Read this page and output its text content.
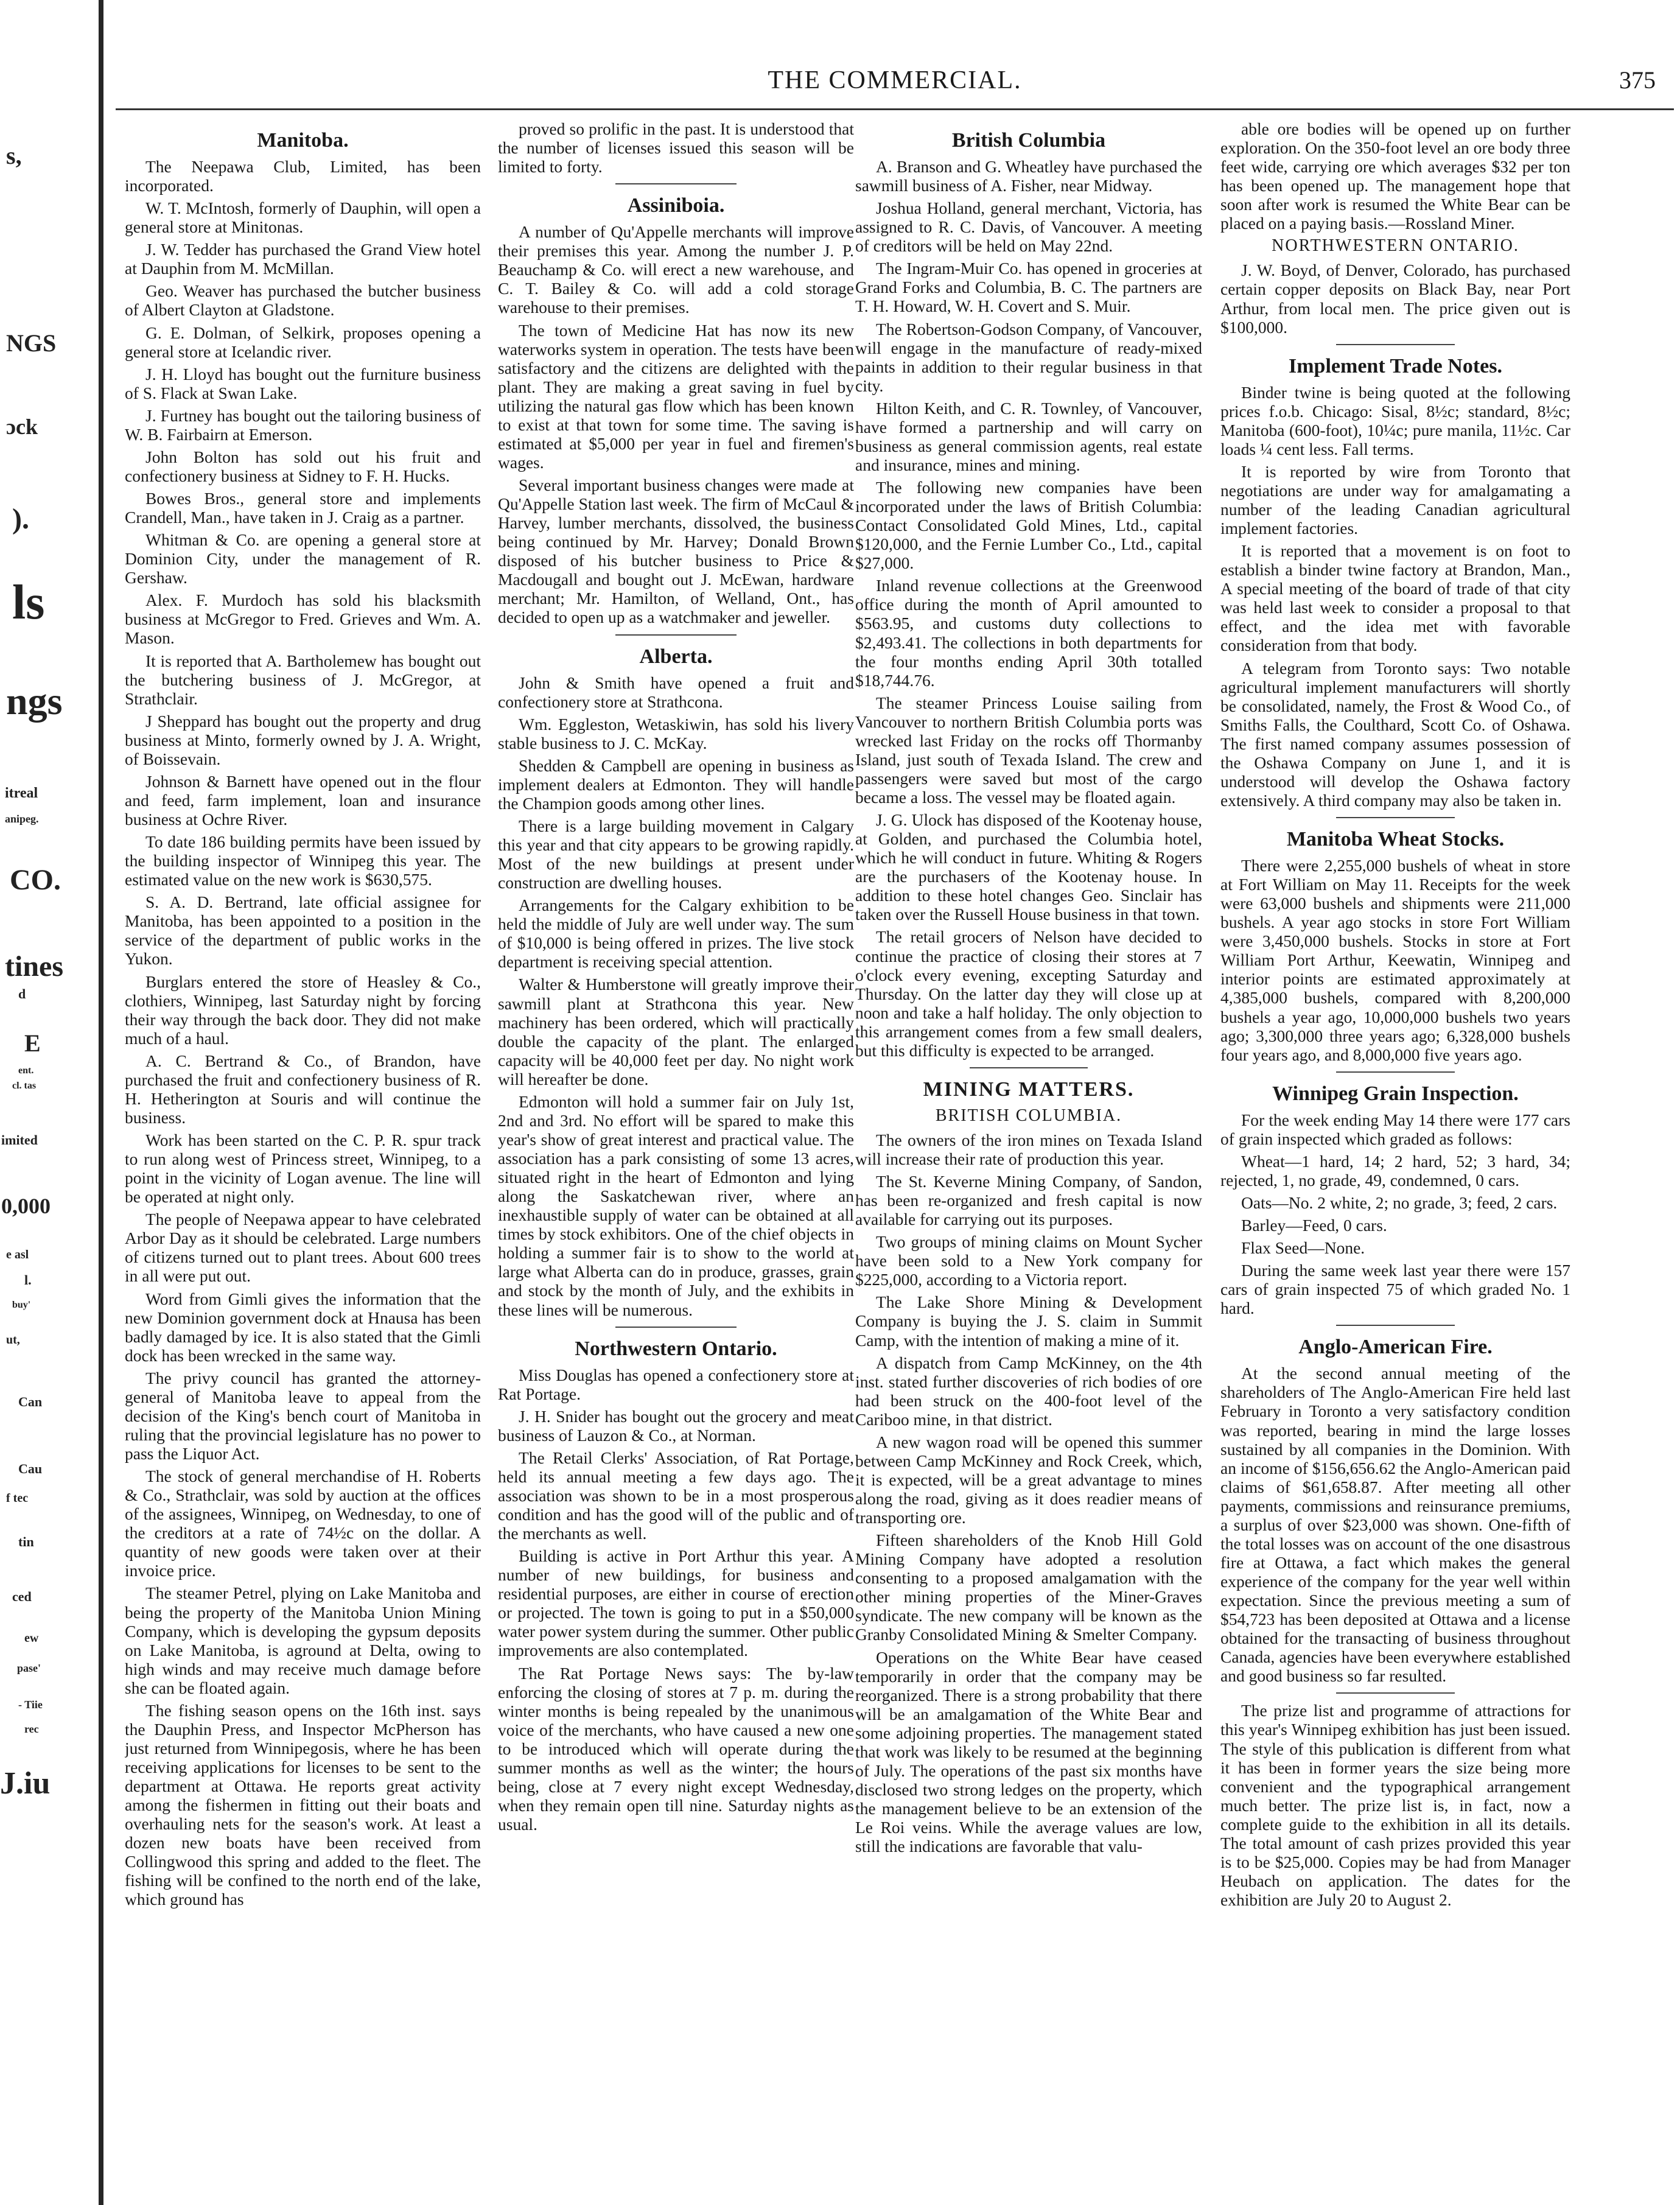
s,
NGS
ɔck
).
ls
ngs
itreal
anipeg.
CO.
tines
d
E
ent.
cl. tas
imited
0,000
e asl
l.
buy'
ut,
Can
Cau
f tec
tin
ced
ew
pase'
- Tiie
rec
J.iu
THE COMMERCIAL.	375
Manitoba.

The Neepawa Club, Limited, has been incorporated.

W. T. McIntosh, formerly of Dauphin, will open a general store at Minitonas.

J. W. Tedder has purchased the Grand View hotel at Dauphin from M. McMillan.

Geo. Weaver has purchased the butcher business of Albert Clayton at Gladstone.

G. E. Dolman, of Selkirk, proposes opening a general store at Icelandic river.

J. H. Lloyd has bought out the furniture business of S. Flack at Swan Lake.

J. Furtney has bought out the tailoring business of W. B. Fairbairn at Emerson.

John Bolton has sold out his fruit and confectionery business at Sidney to F. H. Hucks.

Bowes Bros., general store and implements Crandell, Man., have taken in J. Craig as a partner.

Whitman & Co. are opening a general store at Dominion City, under the management of R. Gershaw.

Alex. F. Murdoch has sold his blacksmith business at McGregor to Fred. Grieves and Wm. A. Mason.

It is reported that A. Bartholemew has bought out the butchering business of J. McGregor, at Strathclair.

J Sheppard has bought out the property and drug business at Minto, formerly owned by J. A. Wright, of Boissevain.

Johnson & Barnett have opened out in the flour and feed, farm implement, loan and insurance business at Ochre River.

To date 186 building permits have been issued by the building inspector of Winnipeg this year. The estimated value on the new work is $630,575.

S. A. D. Bertrand, late official assignee for Manitoba, has been appointed to a position in the service of the department of public works in the Yukon.

Burglars entered the store of Heasley & Co., clothiers, Winnipeg, last Saturday night by forcing their way through the back door. They did not make much of a haul.

A. C. Bertrand & Co., of Brandon, have purchased the fruit and confectionery business of R. H. Hetherington at Souris and will continue the business.

Work has been started on the C. P. R. spur track to run along west of Princess street, Winnipeg, to a point in the vicinity of Logan avenue. The line will be operated at night only.

The people of Neepawa appear to have celebrated Arbor Day as it should be celebrated. Large numbers of citizens turned out to plant trees. About 600 trees in all were put out.

Word from Gimli gives the information that the new Dominion government dock at Hnausa has been badly damaged by ice. It is also stated that the Gimli dock has been wrecked in the same way.

The privy council has granted the attorney-general of Manitoba leave to appeal from the decision of the King's bench court of Manitoba in ruling that the provincial legislature has no power to pass the Liquor Act.

The stock of general merchandise of H. Roberts & Co., Strathclair, was sold by auction at the offices of the assignees, Winnipeg, on Wednesday, to one of the creditors at a rate of 74½c on the dollar. A quantity of new goods were taken over at their invoice price.

The steamer Petrel, plying on Lake Manitoba and being the property of the Manitoba Union Mining Company, which is developing the gypsum deposits on Lake Manitoba, is aground at Delta, owing to high winds and may receive much damage before she can be floated again.

The fishing season opens on the 16th inst. says the Dauphin Press, and Inspector McPherson has just returned from Winnipegosis, where he has been receiving applications for licenses to be sent to the department at Ottawa. He reports great activity among the fishermen in fitting out their boats and overhauling nets for the season's work. At least a dozen new boats have been received from Collingwood this spring and added to the fleet. The fishing will be confined to the north end of the lake, which ground has

proved so prolific in the past. It is understood that the number of licenses issued this season will be limited to forty.

Assiniboia.

A number of Qu'Appelle merchants will improve their premises this year. Among the number J. P. Beauchamp & Co. will erect a new warehouse, and C. T. Bailey & Co. will add a cold storage warehouse to their premises.

The town of Medicine Hat has now its new waterworks system in operation. The tests have been satisfactory and the citizens are delighted with the plant. They are making a great saving in fuel by utilizing the natural gas flow which has been known to exist at that town for some time. The saving is estimated at $5,000 per year in fuel and firemen's wages.

Several important business changes were made at Qu'Appelle Station last week. The firm of McCaul & Harvey, lumber merchants, dissolved, the business being continued by Mr. Harvey; Donald Brown disposed of his butcher business to Price & Macdougall and bought out J. McEwan, hardware merchant; Mr. Hamilton, of Welland, Ont., has decided to open up as a watchmaker and jeweller.

Alberta.

John & Smith have opened a fruit and confectionery store at Strathcona.

Wm. Eggleston, Wetaskiwin, has sold his livery stable business to J. C. McKay.

Shedden & Campbell are opening in business as implement dealers at Edmonton. They will handle the Champion goods among other lines.

There is a large building movement in Calgary this year and that city appears to be growing rapidly. Most of the new buildings at present under construction are dwelling houses.

Arrangements for the Calgary exhibition to be held the middle of July are well under way. The sum of $10,000 is being offered in prizes. The live stock department is receiving special attention.

Walter & Humberstone will greatly improve their sawmill plant at Strathcona this year. New machinery has been ordered, which will practically double the capacity of the plant. The enlarged capacity will be 40,000 feet per day. No night work will hereafter be done.

Edmonton will hold a summer fair on July 1st, 2nd and 3rd. No effort will be spared to make this year's show of great interest and practical value. The association has a park consisting of some 13 acres, situated right in the heart of Edmonton and lying along the Saskatchewan river, where an inexhaustible supply of water can be obtained at all times by stock exhibitors. One of the chief objects in holding a summer fair is to show to the world at large what Alberta can do in produce, grasses, grain and stock by the month of July, and the exhibits in these lines will be numerous.

Northwestern Ontario.

Miss Douglas has opened a confectionery store at Rat Portage.

J. H. Snider has bought out the grocery and meat business of Lauzon & Co., at Norman.

The Retail Clerks' Association, of Rat Portage, held its annual meeting a few days ago. The association was shown to be in a most prosperous condition and has the good will of the public and of the merchants as well.

Building is active in Port Arthur this year. A number of new buildings, for business and residential purposes, are either in course of erection or projected. The town is going to put in a $50,000 water power system during the summer. Other public improvements are also contemplated.

The Rat Portage News says: The by-law enforcing the closing of stores at 7 p. m. during the winter months is being repealed by the unanimous voice of the merchants, who have caused a new one to be introduced which will operate during the summer months as well as the winter; the hours being, close at 7 every night except Wednesday, when they remain open till nine. Saturday nights as usual.

British Columbia

A. Branson and G. Wheatley have purchased the sawmill business of A. Fisher, near Midway.

Joshua Holland, general merchant, Victoria, has assigned to R. C. Davis, of Vancouver. A meeting of creditors will be held on May 22nd.

The Ingram-Muir Co. has opened in groceries at Grand Forks and Columbia, B. C. The partners are T. H. Howard, W. H. Covert and S. Muir.

The Robertson-Godson Company, of Vancouver, will engage in the manufacture of ready-mixed paints in addition to their regular business in that city.

Hilton Keith, and C. R. Townley, of Vancouver, have formed a partnership and will carry on business as general commission agents, real estate and insurance, mines and mining.

The following new companies have been incorporated under the laws of British Columbia: Contact Consolidated Gold Mines, Ltd., capital $120,000, and the Fernie Lumber Co., Ltd., capital $27,000.

Inland revenue collections at the Greenwood office during the month of April amounted to $563.95, and customs duty collections to $2,493.41. The collections in both departments for the four months ending April 30th totalled $18,744.76.

The steamer Princess Louise sailing from Vancouver to northern British Columbia ports was wrecked last Friday on the rocks off Thormanby Island, just south of Texada Island. The crew and passengers were saved but most of the cargo became a loss. The vessel may be floated again.

J. G. Ulock has disposed of the Kootenay house, at Golden, and purchased the Columbia hotel, which he will conduct in future. Whiting & Rogers are the purchasers of the Kootenay house. In addition to these hotel changes Geo. Sinclair has taken over the Russell House business in that town.

The retail grocers of Nelson have decided to continue the practice of closing their stores at 7 o'clock every evening, excepting Saturday and Thursday. On the latter day they will close up at noon and take a half holiday. The only objection to this arrangement comes from a few small dealers, but this difficulty is expected to be arranged.

MINING MATTERS.
BRITISH COLUMBIA.

The owners of the iron mines on Texada Island will increase their rate of production this year.

The St. Keverne Mining Company, of Sandon, has been re-organized and fresh capital is now available for carrying out its purposes.

Two groups of mining claims on Mount Sycher have been sold to a New York company for $225,000, according to a Victoria report.

The Lake Shore Mining & Development Company is buying the J. S. claim in Summit Camp, with the intention of making a mine of it.

A dispatch from Camp McKinney, on the 4th inst. stated further discoveries of rich bodies of ore had been struck on the 400-foot level of the Cariboo mine, in that district.

A new wagon road will be opened this summer between Camp McKinney and Rock Creek, which, it is expected, will be a great advantage to mines along the road, giving as it does readier means of transporting ore.

Fifteen shareholders of the Knob Hill Gold Mining Company have adopted a resolution consenting to a proposed amalgamation with the other mining properties of the Miner-Graves syndicate. The new company will be known as the Granby Consolidated Mining & Smelter Company.

Operations on the White Bear have ceased temporarily in order that the company may be reorganized. There is a strong probability that there will be an amalgamation of the White Bear and some adjoining properties. The management stated that work was likely to be resumed at the beginning of July. The operations of the past six months have disclosed two strong ledges on the property, which the management believe to be an extension of the Le Roi veins. While the average values are low, still the indications are favorable that valu-

able ore bodies will be opened up on further exploration. On the 350-foot level an ore body three feet wide, carrying ore which averages $32 per ton has been opened up. The management hope that soon after work is resumed the White Bear can be placed on a paying basis.—Rossland Miner.

NORTHWESTERN ONTARIO.

J. W. Boyd, of Denver, Colorado, has purchased certain copper deposits on Black Bay, near Port Arthur, from local men. The price given out is $100,000.

Implement Trade Notes.

Binder twine is being quoted at the following prices f.o.b. Chicago: Sisal, 8½c; standard, 8½c; Manitoba (600-foot), 10¼c; pure manila, 11½c. Car loads ¼ cent less. Fall terms.

It is reported by wire from Toronto that negotiations are under way for amalgamating a number of the leading Canadian agricultural implement factories.

It is reported that a movement is on foot to establish a binder twine factory at Brandon, Man., A special meeting of the board of trade of that city was held last week to consider a proposal to that effect, and the idea met with favorable consideration from that body.

A telegram from Toronto says: Two notable agricultural implement manufacturers will shortly be consolidated, namely, the Frost & Wood Co., of Smiths Falls, the Coulthard, Scott Co. of Oshawa. The first named company assumes possession of the Oshawa Company on June 1, and it is understood will develop the Oshawa factory extensively. A third company may also be taken in.

Manitoba Wheat Stocks.

There were 2,255,000 bushels of wheat in store at Fort William on May 11. Receipts for the week were 63,000 bushels and shipments were 211,000 bushels. A year ago stocks in store Fort William were 3,450,000 bushels. Stocks in store at Fort William Port Arthur, Keewatin, Winnipeg and interior points are estimated approximately at 4,385,000 bushels, compared with 8,200,000 bushels a year ago, 10,000,000 bushels two years ago; 3,300,000 three years ago; 6,328,000 bushels four years ago, and 8,000,000 five years ago.

Winnipeg Grain Inspection.

For the week ending May 14 there were 177 cars of grain inspected which graded as follows:

Wheat—1 hard, 14; 2 hard, 52; 3 hard, 34; rejected, 1, no grade, 49, condemned, 0 cars.

Oats—No. 2 white, 2; no grade, 3; feed, 2 cars.

Barley—Feed, 0 cars.

Flax Seed—None.

During the same week last year there were 157 cars of grain inspected 75 of which graded No. 1 hard.

Anglo-American Fire.

At the second annual meeting of the shareholders of The Anglo-American Fire held last February in Toronto a very satisfactory condition was reported, bearing in mind the large losses sustained by all companies in the Dominion. With an income of $156,656.62 the Anglo-American paid claims of $61,658.87. After meeting all other payments, commissions and reinsurance premiums, a surplus of over $23,000 was shown. One-fifth of the total losses was on account of the one disastrous fire at Ottawa, a fact which makes the general experience of the company for the year well within expectation. Since the previous meeting a sum of $54,723 has been deposited at Ottawa and a license obtained for the transacting of business throughout Canada, agencies have been everywhere established and good business so far resulted.

The prize list and programme of attractions for this year's Winnipeg exhibition has just been issued. The style of this publication is different from what it has been in former years the size being more convenient and the typographical arrangement much better. The prize list is, in fact, now a complete guide to the exhibition in all its details. The total amount of cash prizes provided this year is to be $25,000. Copies may be had from Manager Heubach on application. The dates for the exhibition are July 20 to August 2.
